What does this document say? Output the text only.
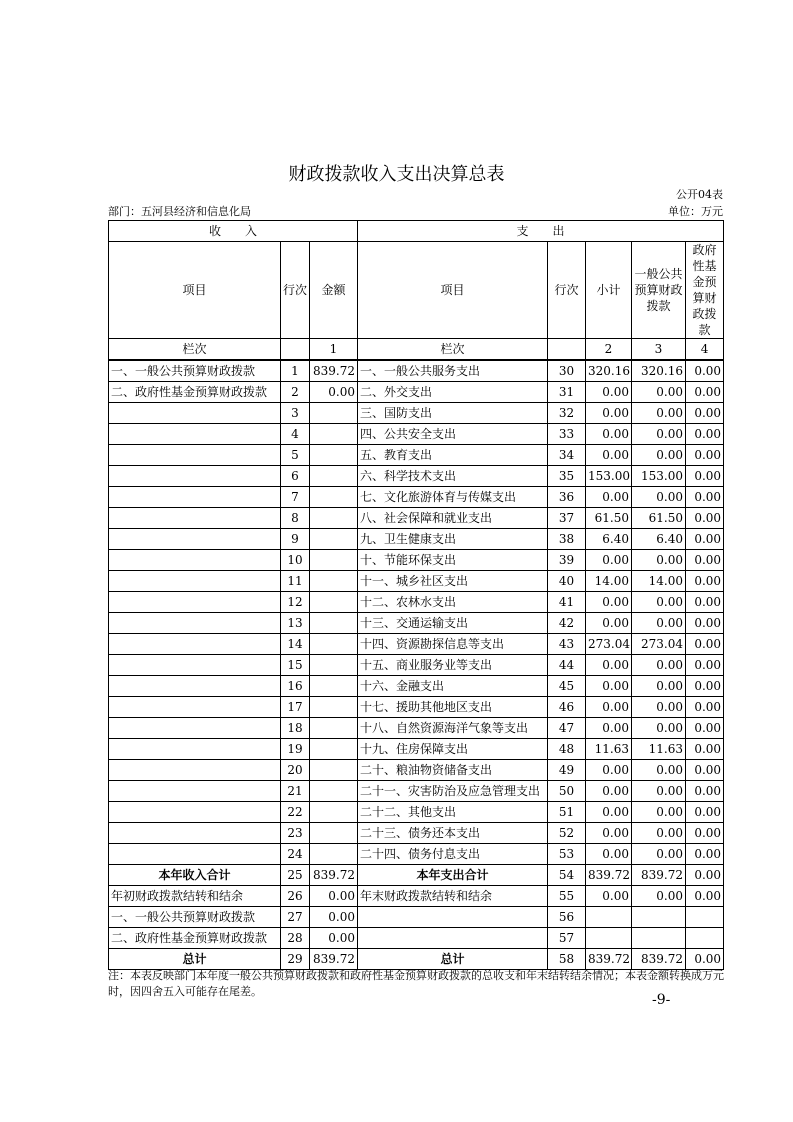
财政拨款收入支出决算总表
公开04表
部门：五河县经济和信息化局	单位：万元
收　　入			支　　出				
项目	行次	金额	项目	行次	小计	一般公共预算财政拨款	政府性基金预算财政拨款
栏次		1	栏次		2	3	4
一、一般公共预算财政拨款	1	839.72	一、一般公共服务支出	30	320.16	320.16	0.00
二、政府性基金预算财政拨款	2	0.00	二、外交支出	31	0.00	0.00	0.00
	3		三、国防支出	32	0.00	0.00	0.00
	4		四、公共安全支出	33	0.00	0.00	0.00
	5		五、教育支出	34	0.00	0.00	0.00
	6		六、科学技术支出	35	153.00	153.00	0.00
	7		七、文化旅游体育与传媒支出	36	0.00	0.00	0.00
	8		八、社会保障和就业支出	37	61.50	61.50	0.00
	9		九、卫生健康支出	38	6.40	6.40	0.00
	10		十、节能环保支出	39	0.00	0.00	0.00
	11		十一、城乡社区支出	40	14.00	14.00	0.00
	12		十二、农林水支出	41	0.00	0.00	0.00
	13		十三、交通运输支出	42	0.00	0.00	0.00
	14		十四、资源勘探信息等支出	43	273.04	273.04	0.00
	15		十五、商业服务业等支出	44	0.00	0.00	0.00
	16		十六、金融支出	45	0.00	0.00	0.00
	17		十七、援助其他地区支出	46	0.00	0.00	0.00
	18		十八、自然资源海洋气象等支出	47	0.00	0.00	0.00
	19		十九、住房保障支出	48	11.63	11.63	0.00
	20		二十、粮油物资储备支出	49	0.00	0.00	0.00
	21		二十一、灾害防治及应急管理支出	50	0.00	0.00	0.00
	22		二十二、其他支出	51	0.00	0.00	0.00
	23		二十三、债务还本支出	52	0.00	0.00	0.00
	24		二十四、债务付息支出	53	0.00	0.00	0.00
本年收入合计	25	839.72	本年支出合计	54	839.72	839.72	0.00
年初财政拨款结转和结余	26	0.00	年末财政拨款结转和结余	55	0.00	0.00	0.00
一、一般公共预算财政拨款	27	0.00		56			
二、政府性基金预算财政拨款	28	0.00		57			
总计	29	839.72	总计	58	839.72	839.72	0.00
注：本表反映部门本年度一般公共预算财政拨款和政府性基金预算财政拨款的总收支和年末结转结余情况；本表金额转换成万元时，因四舍五入可能存在尾差。
-9-
